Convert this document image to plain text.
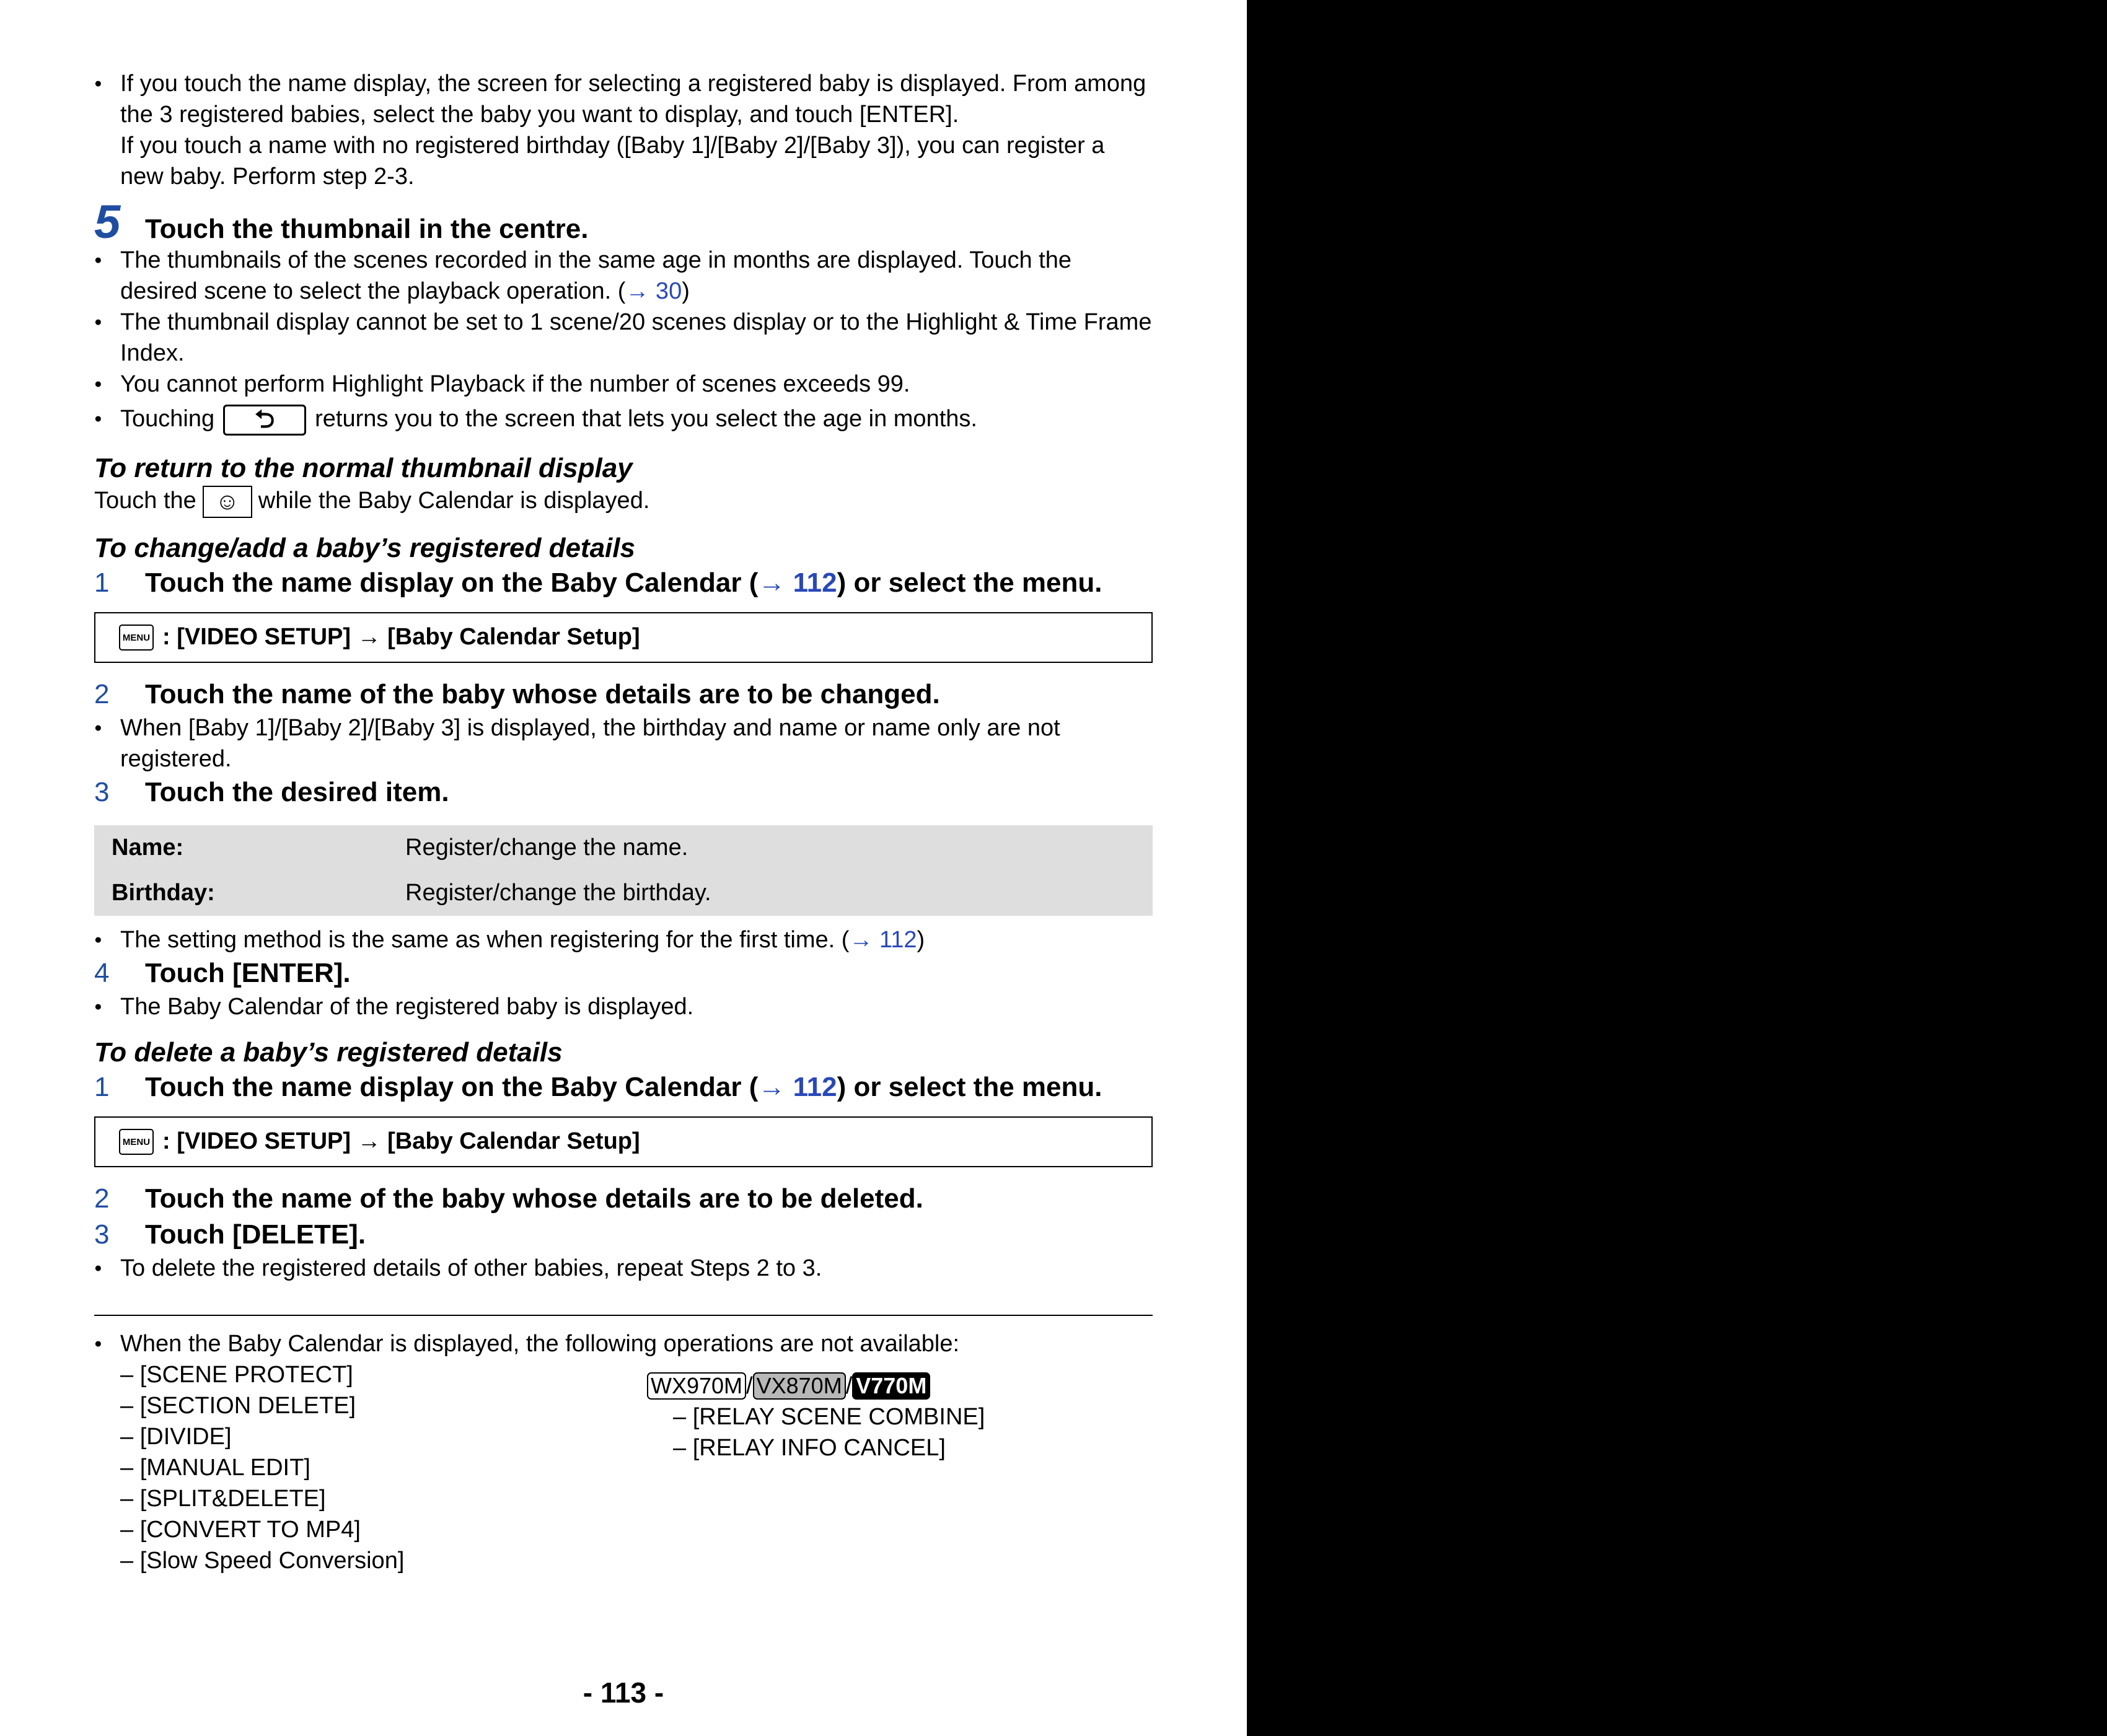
● If you touch the name display, the screen for selecting a registered baby is displayed. From among the 3 registered babies, select the baby you want to display, and touch [ENTER].
If you touch a name with no registered birthday ([Baby 1]/[Baby 2]/[Baby 3]), you can register a new baby. Perform step 2-3.
5 Touch the thumbnail in the centre.
● The thumbnails of the scenes recorded in the same age in months are displayed. Touch the desired scene to select the playback operation. (→ 30)
● The thumbnail display cannot be set to 1 scene/20 scenes display or to the Highlight & Time Frame Index.
● You cannot perform Highlight Playback if the number of scenes exceeds 99.
● Touching ⮌ returns you to the screen that lets you select the age in months.
To return to the normal thumbnail display
Touch the ☺ while the Baby Calendar is displayed.
To change/add a baby’s registered details
1	Touch the name display on the Baby Calendar (→ 112) or select the menu.
MENU : [VIDEO SETUP] → [Baby Calendar Setup]
2	Touch the name of the baby whose details are to be changed.
● When [Baby 1]/[Baby 2]/[Baby 3] is displayed, the birthday and name or name only are not registered.
3	Touch the desired item.
Name:	Register/change the name.
Birthday:	Register/change the birthday.
● The setting method is the same as when registering for the first time. (→ 112)
4	Touch [ENTER].
● The Baby Calendar of the registered baby is displayed.
To delete a baby’s registered details
1	Touch the name display on the Baby Calendar (→ 112) or select the menu.
MENU : [VIDEO SETUP] → [Baby Calendar Setup]
2	Touch the name of the baby whose details are to be deleted.
3	Touch [DELETE].
● To delete the registered details of other babies, repeat Steps 2 to 3.
● When the Baby Calendar is displayed, the following operations are not available:
– [SCENE PROTECT]
– [SECTION DELETE]
– [DIVIDE]
– [MANUAL EDIT]
– [SPLIT&DELETE]
– [CONVERT TO MP4]
– [Slow Speed Conversion]
WX970M / VX870M / V770M
– [RELAY SCENE COMBINE]
– [RELAY INFO CANCEL]
- 113 -
